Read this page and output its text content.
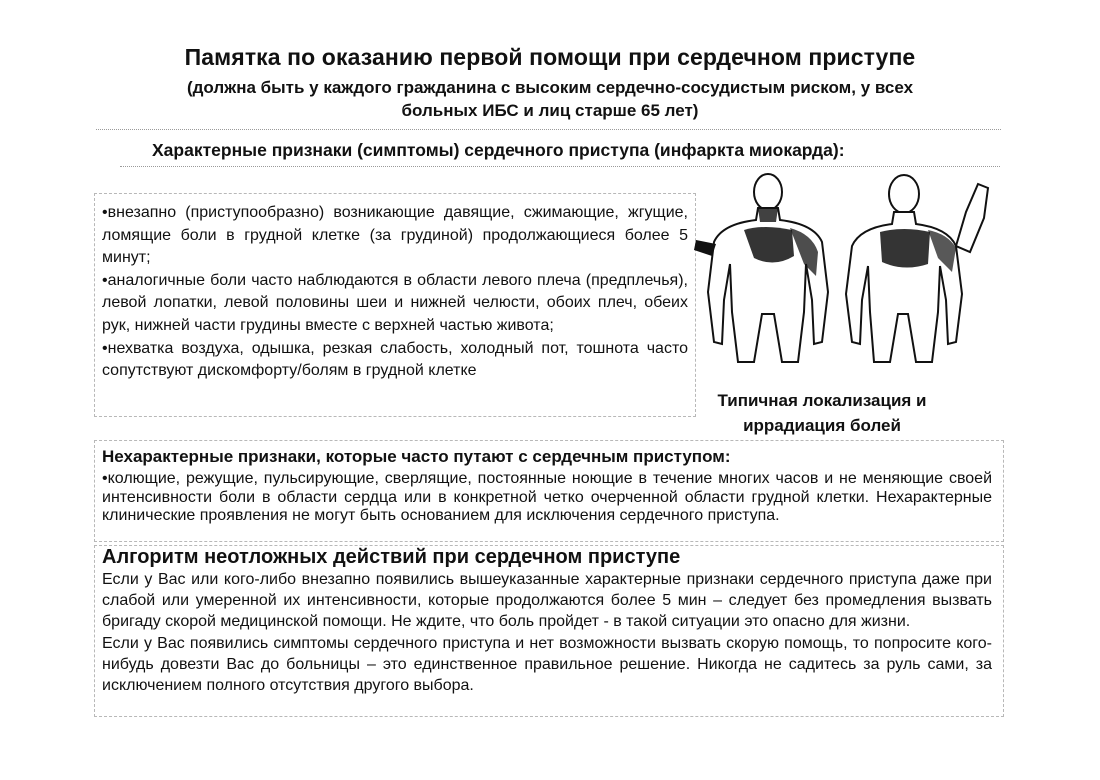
Памятка по оказанию первой помощи при сердечном приступе
(должна быть у каждого гражданина с высоким сердечно-сосудистым риском, у всех больных ИБС и лиц старше 65 лет)
Характерные признаки (симптомы) сердечного приступа (инфаркта миокарда):

•внезапно (приступообразно) возникающие давящие, сжимающие, жгущие, ломящие боли в грудной клетке (за грудиной) продолжающиеся более 5 минут;

•аналогичные боли часто наблюдаются в области левого плеча (предплечья), левой лопатки, левой половины шеи и нижней челюсти, обоих плеч, обеих рук, нижней части грудины вместе с верхней частью живота;

•нехватка воздуха, одышка, резкая слабость, холодный пот, тошнота часто сопутствуют дискомфорту/болям в грудной клетке

Типичная локализация и иррадиация болей
Нехарактерные признаки, которые часто путают с сердечным приступом:
•колющие, режущие, пульсирующие, сверлящие, постоянные ноющие в течение многих часов и не меняющие своей интенсивности боли в области сердца или в конкретной четко очерченной области грудной клетки. Нехарактерные клинические проявления не могут быть основанием для исключения сердечного приступа.
Алгоритм неотложных действий при сердечном приступе

Если у Вас или кого-либо внезапно появились вышеуказанные характерные признаки сердечного приступа даже при слабой или умеренной их интенсивности, которые продолжаются более 5 мин – следует без промедления вызвать бригаду скорой медицинской помощи. Не ждите, что боль пройдет - в такой ситуации это опасно для жизни.

Если у Вас появились симптомы сердечного приступа и нет возможности вызвать скорую помощь, то попросите кого-нибудь довезти Вас до больницы – это единственное правильное решение. Никогда не садитесь за руль сами, за исключением полного отсутствия другого выбора.
